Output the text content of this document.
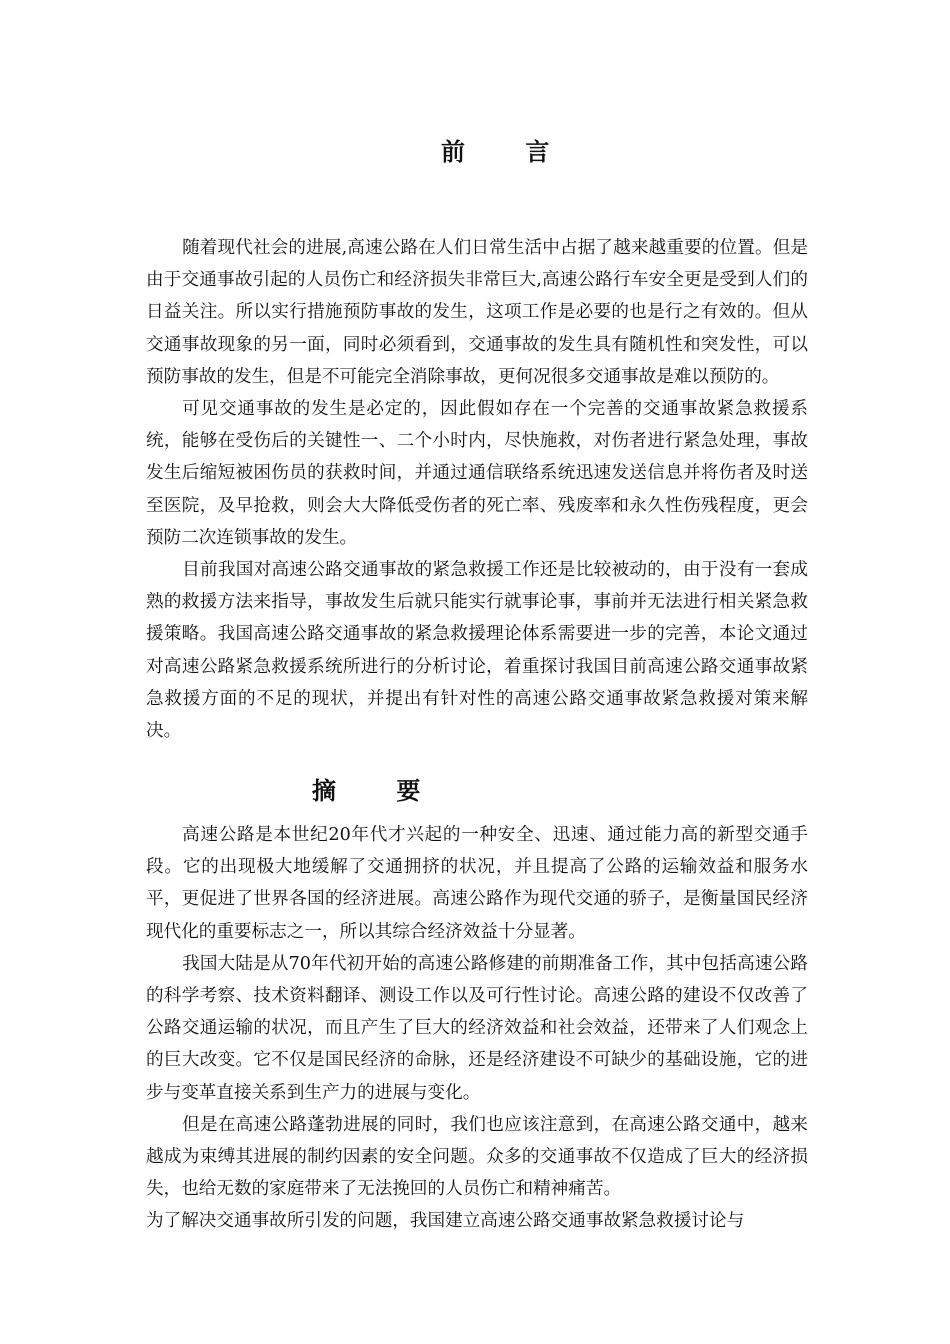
前 言

随着现代社会的进展,高速公路在人们日常生活中占据了越来越重要的位置。但是由于交通事故引起的人员伤亡和经济损失非常巨大,高速公路行车安全更是受到人们的日益关注。所以实行措施预防事故的发生，这项工作是必要的也是行之有效的。但从交通事故现象的另一面，同时必须看到，交通事故的发生具有随机性和突发性，可以预防事故的发生，但是不可能完全消除事故，更何况很多交通事故是难以预防的。

可见交通事故的发生是必定的，因此假如存在一个完善的交通事故紧急救援系统，能够在受伤后的关键性一、二个小时内，尽快施救，对伤者进行紧急处理，事故发生后缩短被困伤员的获救时间，并通过通信联络系统迅速发送信息并将伤者及时送至医院，及早抢救，则会大大降低受伤者的死亡率、残废率和永久性伤残程度，更会预防二次连锁事故的发生。

目前我国对高速公路交通事故的紧急救援工作还是比较被动的，由于没有一套成熟的救援方法来指导，事故发生后就只能实行就事论事，事前并无法进行相关紧急救援策略。我国高速公路交通事故的紧急救援理论体系需要进一步的完善，本论文通过对高速公路紧急救援系统所进行的分析讨论，着重探讨我国目前高速公路交通事故紧急救援方面的不足的现状，并提出有针对性的高速公路交通事故紧急救援对策来解决。

摘 要

高速公路是本世纪20年代才兴起的一种安全、迅速、通过能力高的新型交通手段。它的出现极大地缓解了交通拥挤的状况，并且提高了公路的运输效益和服务水平，更促进了世界各国的经济进展。高速公路作为现代交通的骄子，是衡量国民经济现代化的重要标志之一，所以其综合经济效益十分显著。

我国大陆是从70年代初开始的高速公路修建的前期准备工作，其中包括高速公路的科学考察、技术资料翻译、测设工作以及可行性讨论。高速公路的建设不仅改善了公路交通运输的状况，而且产生了巨大的经济效益和社会效益，还带来了人们观念上的巨大改变。它不仅是国民经济的命脉，还是经济建设不可缺少的基础设施，它的进步与变革直接关系到生产力的进展与变化。

但是在高速公路蓬勃进展的同时，我们也应该注意到，在高速公路交通中，越来越成为束缚其进展的制约因素的安全问题。众多的交通事故不仅造成了巨大的经济损失，也给无数的家庭带来了无法挽回的人员伤亡和精神痛苦。

为了解决交通事故所引发的问题，我国建立高速公路交通事故紧急救援讨论与
